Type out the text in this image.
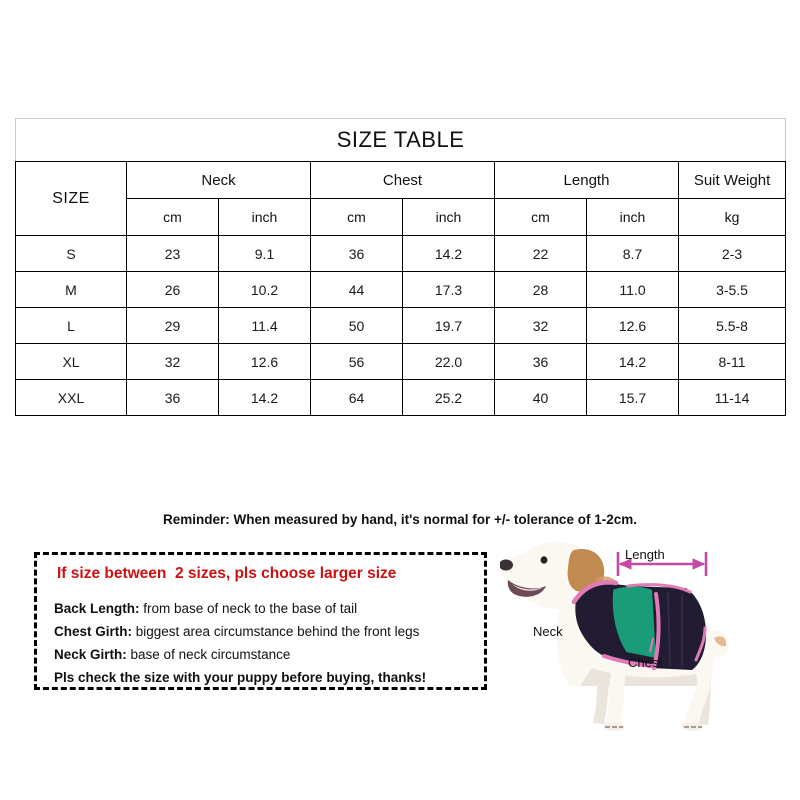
SIZE TABLE							
SIZE	Neck		Chest		Length		Suit Weight
	cm	inch	cm	inch	cm	inch	kg
S	23	9.1	36	14.2	22	8.7	2-3
M	26	10.2	44	17.3	28	11.0	3-5.5
L	29	11.4	50	19.7	32	12.6	5.5-8
XL	32	12.6	56	22.0	36	14.2	8-11
XXL	36	14.2	64	25.2	40	15.7	11-14
Reminder: When measured by hand, it's normal for +/- tolerance of 1-2cm.
If size between  2 sizes, pls choose larger size
Back Length: from base of neck to the base of tail
Chest Girth: biggest area circumstance behind the front legs
Neck Girth: base of neck circumstance
Pls check the size with your puppy before buying, thanks!
Length
Neck
Chest
